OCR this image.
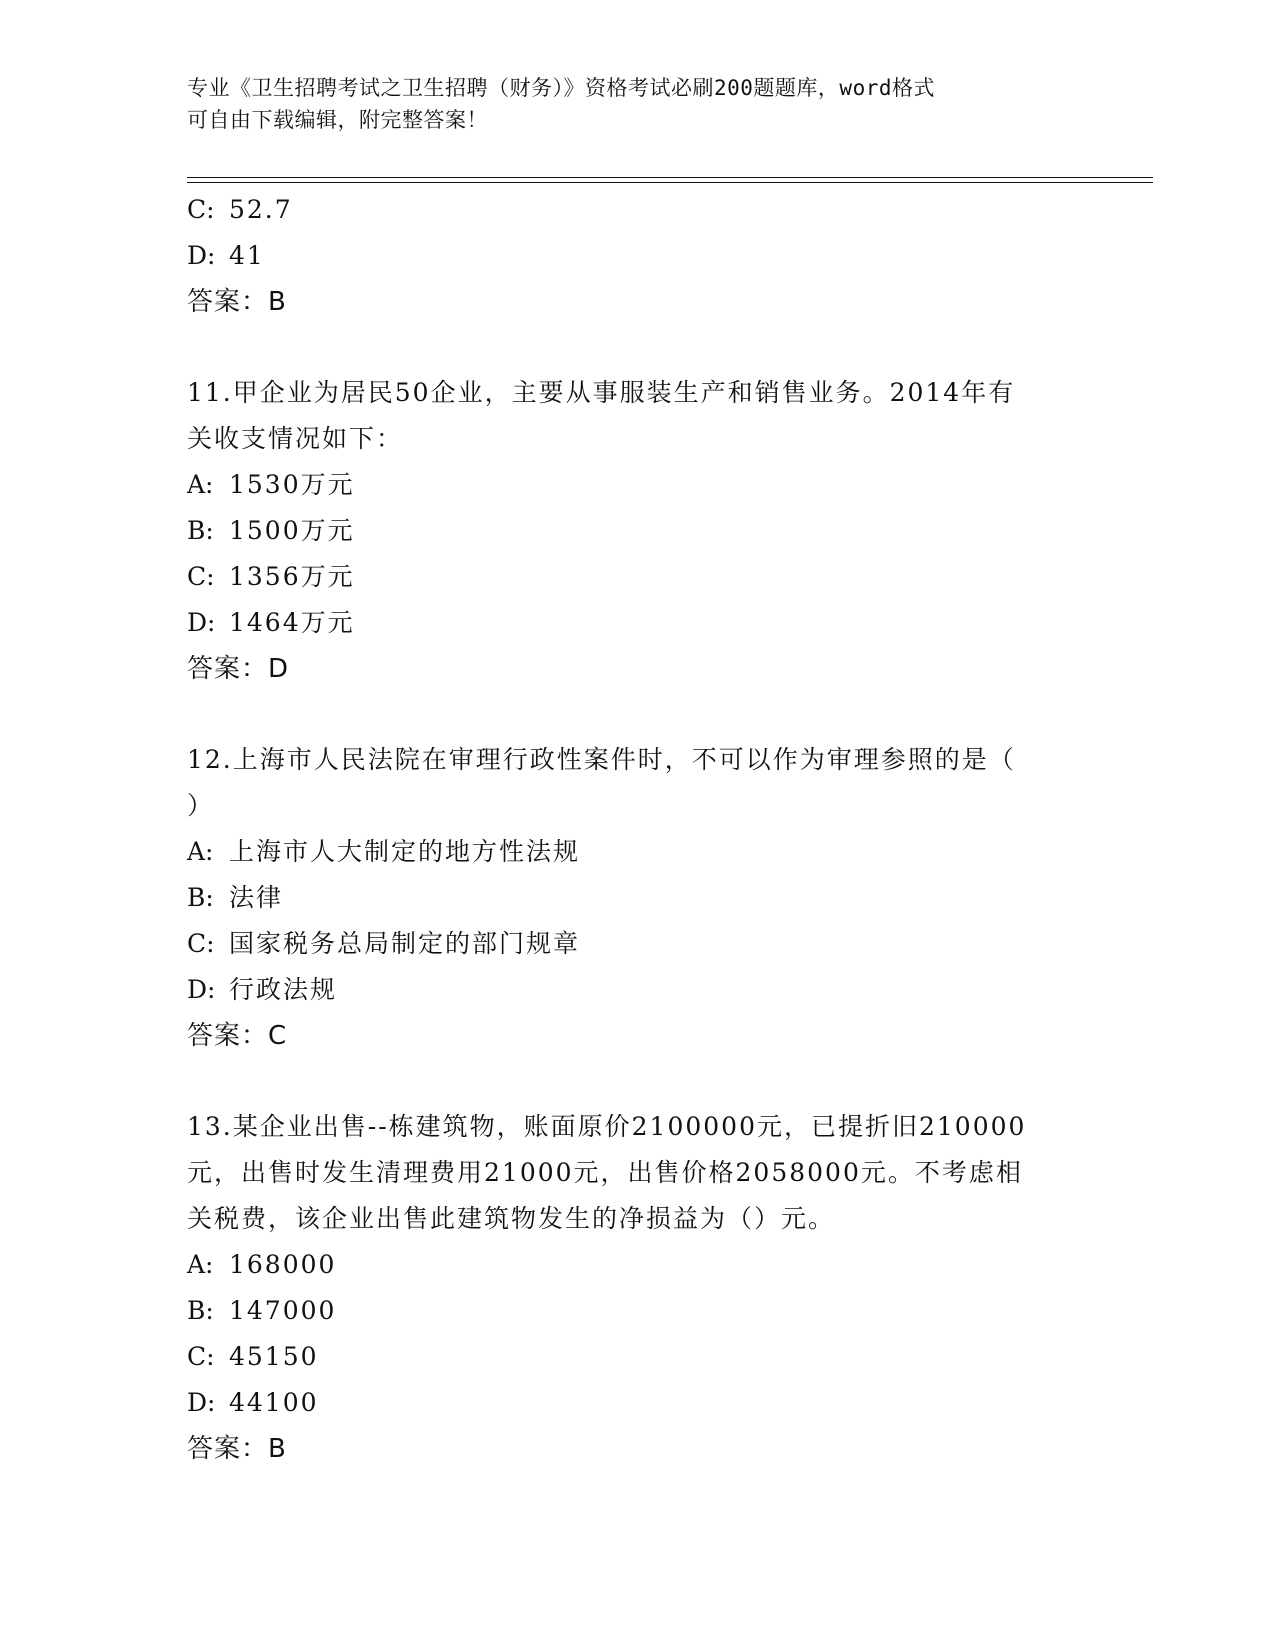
专业《卫生招聘考试之卫生招聘（财务）》资格考试必刷200题题库，word格式
可自由下载编辑，附完整答案！
C: 52.7
D: 41
答案：B
11.甲企业为居民50企业，主要从事服装生产和销售业务。2014年有
关收支情况如下：
A: 1530万元
B: 1500万元
C: 1356万元
D: 1464万元
答案：D
12.上海市人民法院在审理行政性案件时，不可以作为审理参照的是（
）
A: 上海市人大制定的地方性法规
B: 法律
C: 国家税务总局制定的部门规章
D: 行政法规
答案：C
13.某企业出售--栋建筑物，账面原价2100000元，已提折旧210000
元，出售时发生清理费用21000元，出售价格2058000元。不考虑相
关税费，该企业出售此建筑物发生的净损益为（）元。
A: 168000
B: 147000
C: 45150
D: 44100
答案：B
